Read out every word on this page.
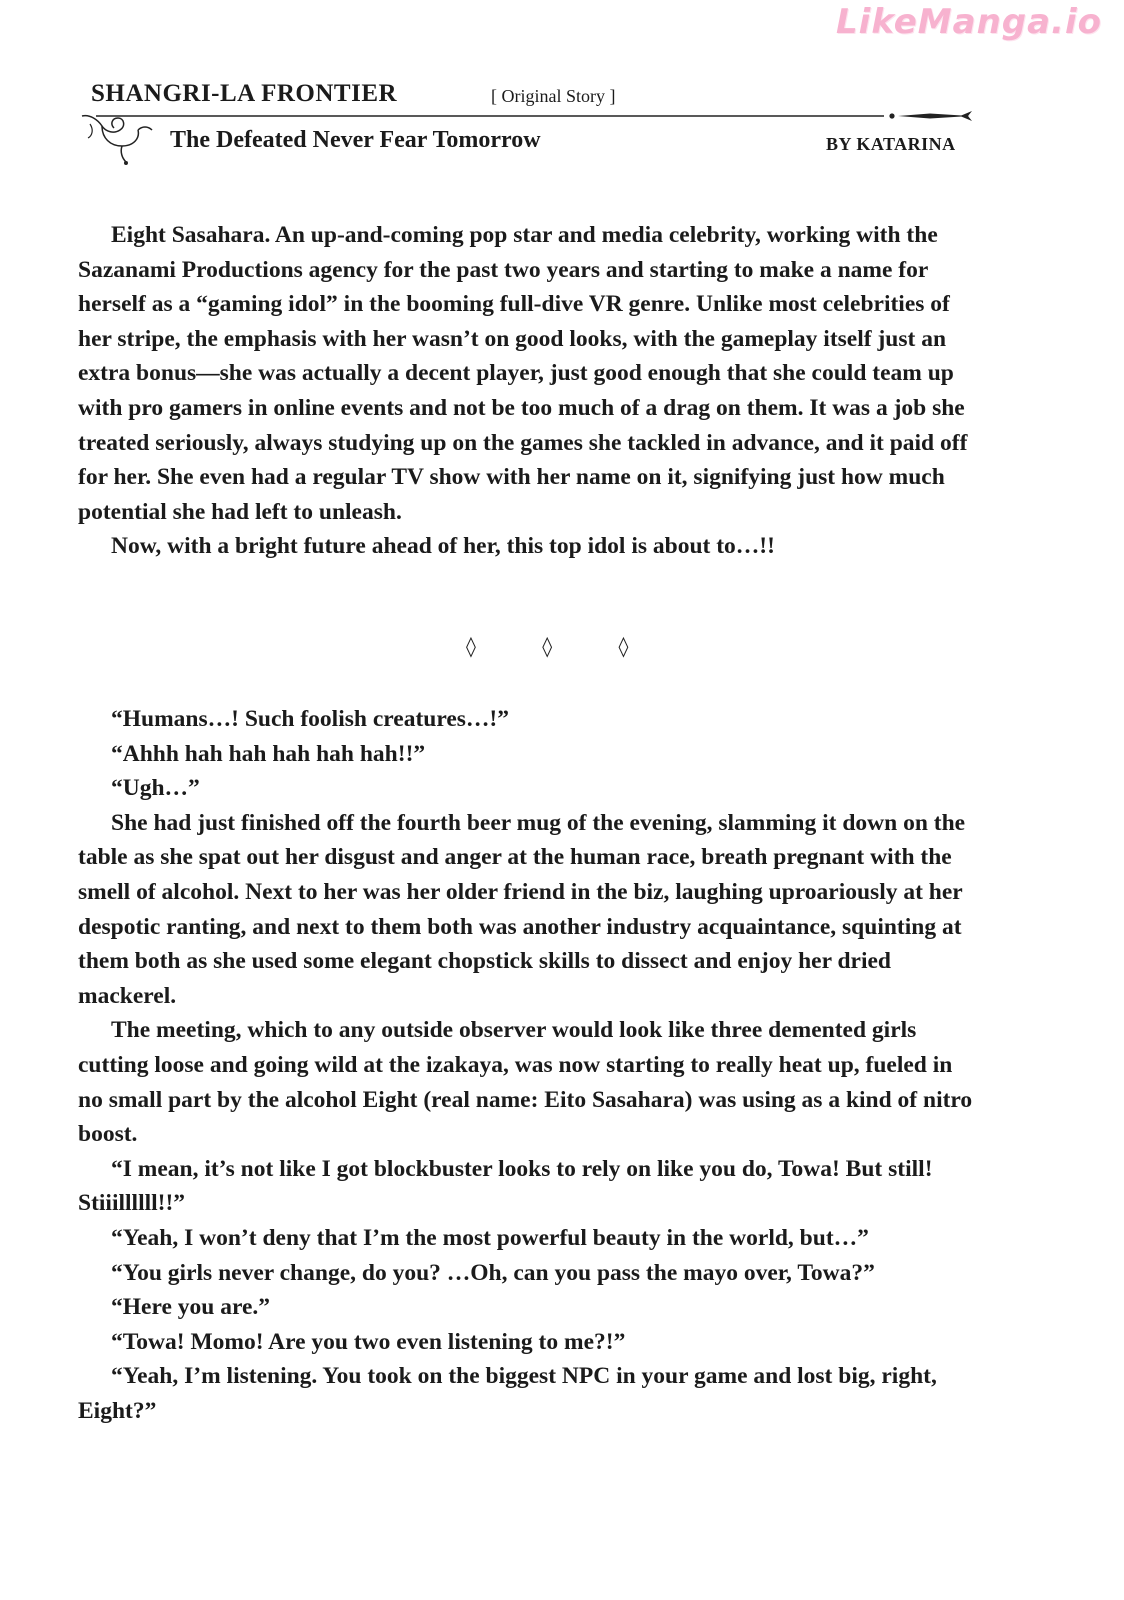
LikeManga.io
SHANGRI-LA FRONTIER	[ Original Story ]
The Defeated Never Fear Tomorrow	BY KATARINA

Eight Sasahara. An up-and-coming pop star and media celebrity, working with the Sazanami Productions agency for the past two years and starting to make a name for herself as a “gaming idol” in the booming full-dive VR genre. Unlike most celebrities of her stripe, the emphasis with her wasn’t on good looks, with the gameplay itself just an extra bonus—she was actually a decent player, just good enough that she could team up with pro gamers in online events and not be too much of a drag on them. It was a job she treated seriously, always studying up on the games she tackled in advance, and it paid off for her. She even had a regular TV show with her name on it, signifying just how much potential she had left to unleash.

Now, with a bright future ahead of her, this top idol is about to…!!

◊ ◊ ◊

“Humans…! Such foolish creatures…!”

“Ahhh hah hah hah hah hah!!”

“Ugh…”

She had just finished off the fourth beer mug of the evening, slamming it down on the table as she spat out her disgust and anger at the human race, breath pregnant with the smell of alcohol. Next to her was her older friend in the biz, laughing uproariously at her despotic ranting, and next to them both was another industry acquaintance, squinting at them both as she used some elegant chopstick skills to dissect and enjoy her dried mackerel.

The meeting, which to any outside observer would look like three demented girls cutting loose and going wild at the izakaya, was now starting to really heat up, fueled in no small part by the alcohol Eight (real name: Eito Sasahara) was using as a kind of nitro boost.

“I mean, it’s not like I got blockbuster looks to rely on like you do, Towa! But still! Stiiillllll!!”

“Yeah, I won’t deny that I’m the most powerful beauty in the world, but…”

“You girls never change, do you? …Oh, can you pass the mayo over, Towa?”

“Here you are.”

“Towa! Momo! Are you two even listening to me?!”

“Yeah, I’m listening. You took on the biggest NPC in your game and lost big, right, Eight?”
